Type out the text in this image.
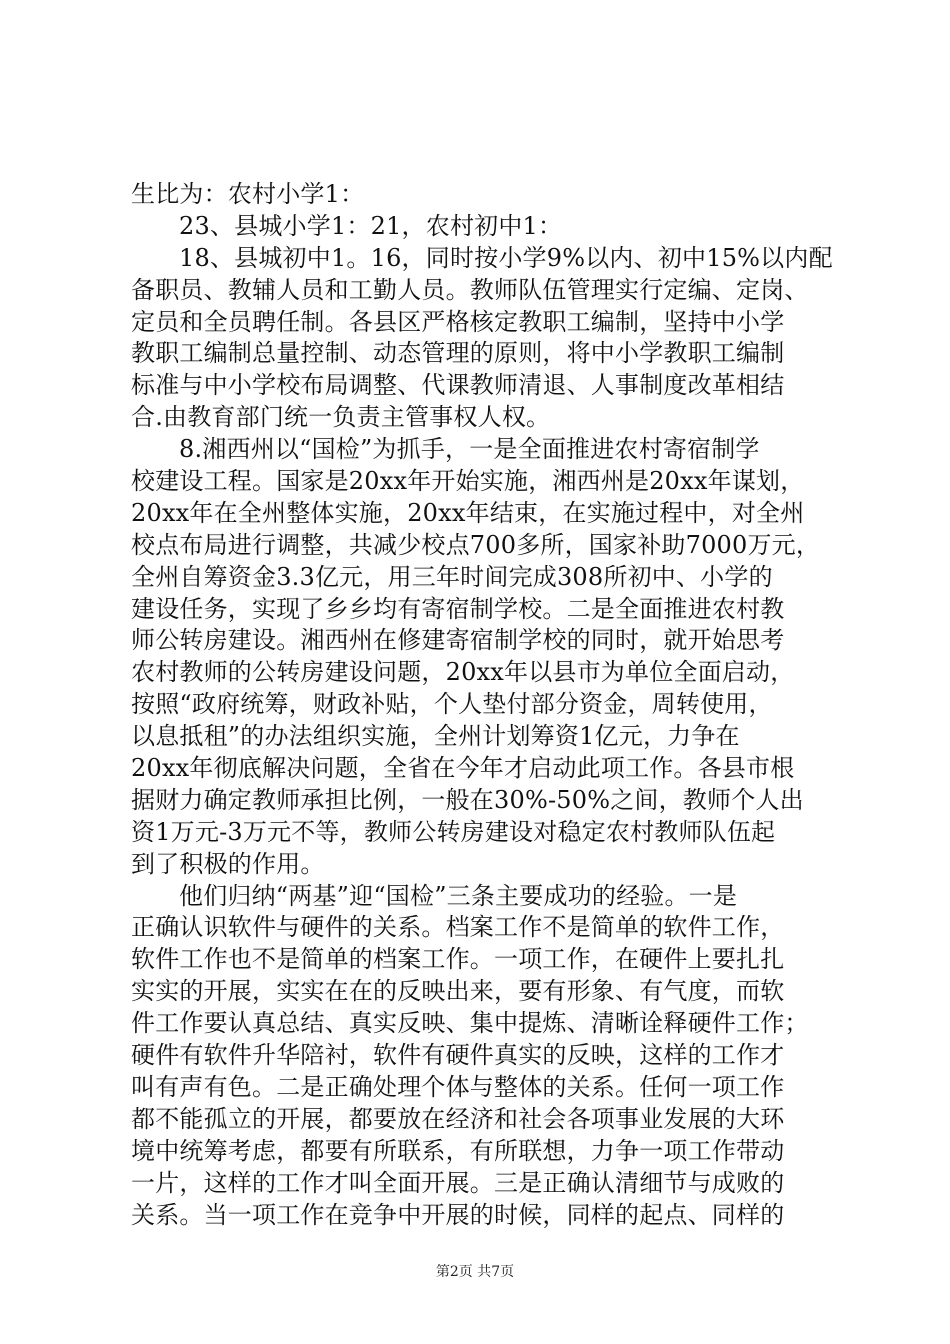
生比为：农村小学1：
23、县城小学1：21，农村初中1：
18、县城初中1。16，同时按小学9%以内、初中15%以内配
备职员、教辅人员和工勤人员。教师队伍管理实行定编、定岗、
定员和全员聘任制。各县区严格核定教职工编制，坚持中小学
教职工编制总量控制、动态管理的原则，将中小学教职工编制
标准与中小学校布局调整、代课教师清退、人事制度改革相结
合.由教育部门统一负责主管事权人权。
8.湘西州以“国检”为抓手，一是全面推进农村寄宿制学
校建设工程。国家是20xx年开始实施，湘西州是20xx年谋划，
20xx年在全州整体实施，20xx年结束，在实施过程中，对全州
校点布局进行调整，共减少校点700多所，国家补助7000万元，
全州自筹资金3.3亿元，用三年时间完成308所初中、小学的
建设任务，实现了乡乡均有寄宿制学校。二是全面推进农村教
师公转房建设。湘西州在修建寄宿制学校的同时，就开始思考
农村教师的公转房建设问题，20xx年以县市为单位全面启动，
按照“政府统筹，财政补贴，个人垫付部分资金，周转使用，
以息抵租”的办法组织实施，全州计划筹资1亿元，力争在
20xx年彻底解决问题，全省在今年才启动此项工作。各县市根
据财力确定教师承担比例，一般在30%-50%之间，教师个人出
资1万元-3万元不等，教师公转房建设对稳定农村教师队伍起
到了积极的作用。
他们归纳“两基”迎“国检”三条主要成功的经验。一是
正确认识软件与硬件的关系。档案工作不是简单的软件工作，
软件工作也不是简单的档案工作。一项工作，在硬件上要扎扎
实实的开展，实实在在的反映出来，要有形象、有气度，而软
件工作要认真总结、真实反映、集中提炼、清晰诠释硬件工作；
硬件有软件升华陪衬，软件有硬件真实的反映，这样的工作才
叫有声有色。二是正确处理个体与整体的关系。任何一项工作
都不能孤立的开展，都要放在经济和社会各项事业发展的大环
境中统筹考虑，都要有所联系，有所联想，力争一项工作带动
一片，这样的工作才叫全面开展。三是正确认清细节与成败的
关系。当一项工作在竞争中开展的时候，同样的起点、同样的
第2页 共7页
